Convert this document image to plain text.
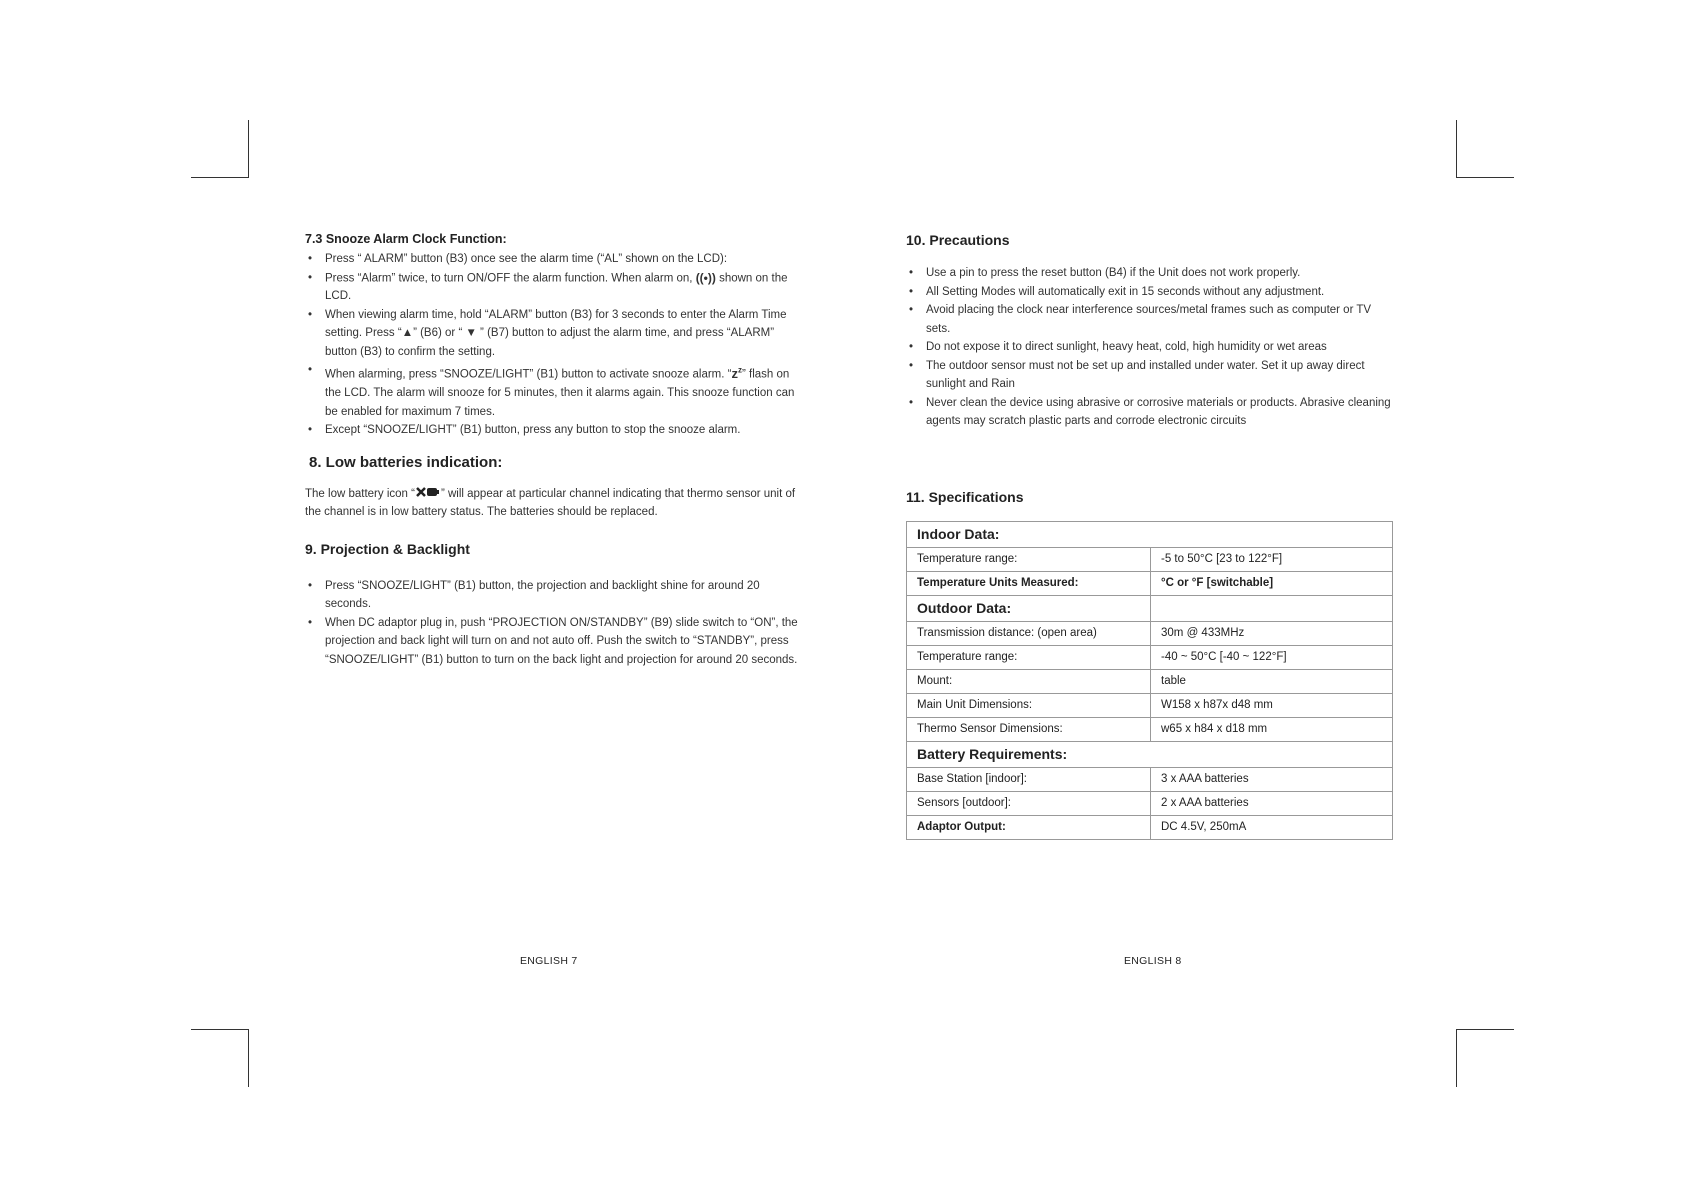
7.3 Snooze Alarm Clock Function:
• Press “ ALARM” button (B3) once see the alarm time (“AL” shown on the LCD):
• Press “Alarm” twice, to turn ON/OFF the alarm function. When alarm on, ((•)) shown on the LCD.
• When viewing alarm time, hold “ALARM” button (B3) for 3 seconds to enter the Alarm Time setting. Press “▲” (B6) or “ ▼ ” (B7) button to adjust the alarm time, and press “ALARM” button (B3) to confirm the setting.
• When alarming, press “SNOOZE/LIGHT” (B1) button to activate snooze alarm. “$z^z$” flash on the LCD. The alarm will snooze for 5 minutes, then it alarms again. This snooze function can be enabled for maximum 7 times.
• Except “SNOOZE/LIGHT” (B1) button, press any button to stop the snooze alarm.
8. Low batteries indication:

The low battery icon “ ” will appear at particular channel indicating that thermo sensor unit of the channel is in low battery status. The batteries should be replaced.

9. Projection & Backlight
• Press “SNOOZE/LIGHT” (B1) button, the projection and backlight shine for around 20 seconds.
• When DC adaptor plug in, push “PROJECTION ON/STANDBY” (B9) slide switch to “ON”, the projection and back light will turn on and not auto off. Push the switch to “STANDBY”, press “SNOOZE/LIGHT” (B1) button to turn on the back light and projection for around 20 seconds.
ENGLISH 7
10. Precautions
• Use a pin to press the reset button (B4) if the Unit does not work properly.
• All Setting Modes will automatically exit in 15 seconds without any adjustment.
• Avoid placing the clock near interference sources/metal frames such as computer or TV sets.
• Do not expose it to direct sunlight, heavy heat, cold, high humidity or wet areas
• The outdoor sensor must not be set up and installed under water. Set it up away direct sunlight and Rain
• Never clean the device using abrasive or corrosive materials or products. Abrasive cleaning agents may scratch plastic parts and corrode electronic circuits
11. Specifications
Indoor Data:	
Temperature range:	-5 to 50°C [23 to 122°F]
Temperature Units Measured:	°C or °F [switchable]
Outdoor Data:	
Transmission distance: (open area)	30m @ 433MHz
Temperature range:	-40 ~ 50°C [-40 ~ 122°F]
Mount:	table
Main Unit Dimensions:	W158 x h87x d48 mm
Thermo Sensor Dimensions:	w65 x h84 x d18 mm
Battery Requirements:	
Base Station [indoor]:	3 x AAA batteries
Sensors [outdoor]:	2 x AAA batteries
Adaptor Output:	DC 4.5V, 250mA
ENGLISH 8
